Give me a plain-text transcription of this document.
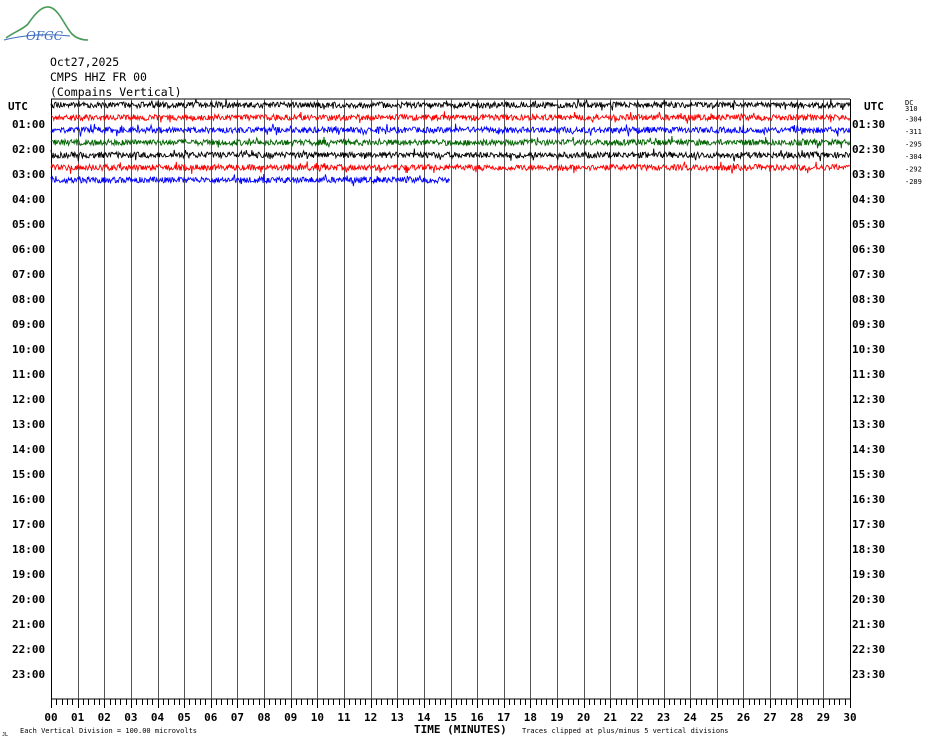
Oct27,2025
CMPS HHZ FR 00
(Compains Vertical)
OFGC
00 01 02 03 04 05 06 07 08 09 10 11 12 13 14 15 16 17 18 19 20 21 22 23 24 25 26 27 28 29 30
01:00
02:00
03:00
04:00
05:00
06:00
07:00
08:00
09:00
10:00
11:00
12:00
13:00
14:00
15:00
16:00
17:00
18:00
19:00
20:00
21:00
22:00
23:00
01:30
02:30
03:30
04:30
05:30
06:30
07:30
08:30
09:30
10:30
11:30
12:30
13:30
14:30
15:30
16:30
17:30
18:30
19:30
20:30
21:30
22:30
23:30
310
-304
-311
-295
-304
-292
-289
UTC	UTC	DC
TIME (MINUTES)
Each Vertical Division = 100.00 microvolts	Traces clipped at plus/minus 5 vertical divisions
JL
